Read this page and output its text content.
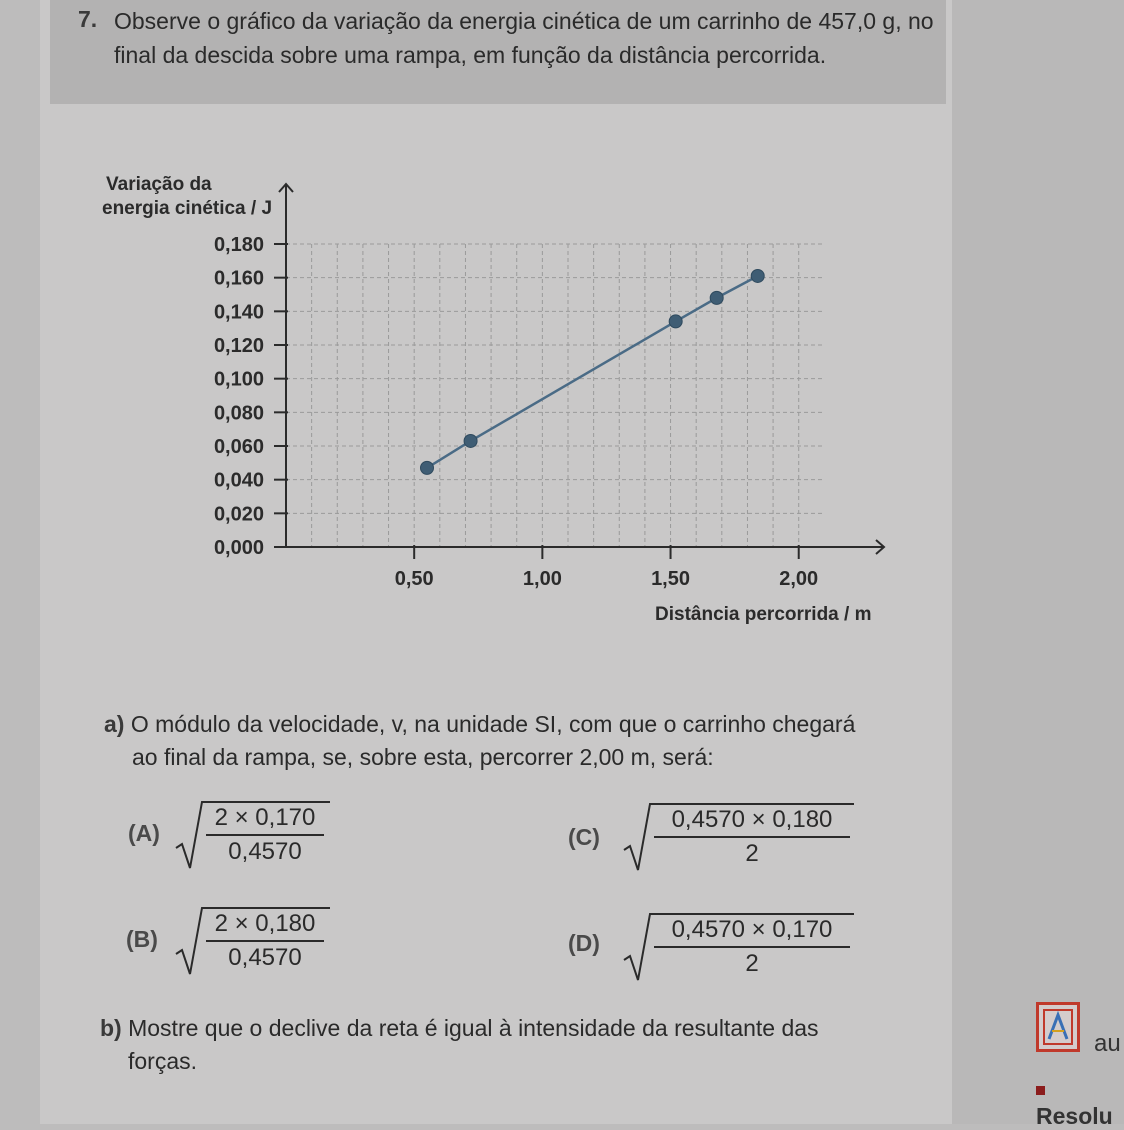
7. Observe o gráfico da variação da energia cinética de um carrinho de 457,0 g, no final da descida sobre uma rampa, em função da distância percorrida.
0,180
0,160
0,140
0,120
0,100
0,080
0,060
0,040
0,020
0,000
0,50	1,00	1,50	2,00
Variação da
energia cinética / J
Distância percorrida / m
a) O módulo da velocidade, v, na unidade SI, com que o carrinho chegará
ao final da rampa, se, sobre esta, percorrer 2,00 m, será:
$(A) \frac{2 \times 0,170}{0,4570}$
$(B) \frac{2 \times 0,180}{0,4570}$
$(C) \frac{0,4570 \times 0,180}{2}$
$(D) \frac{0,4570 \times 0,170}{2}$
b) Mostre que o declive da reta é igual à intensidade da resultante das
forças.
au
Resolu
